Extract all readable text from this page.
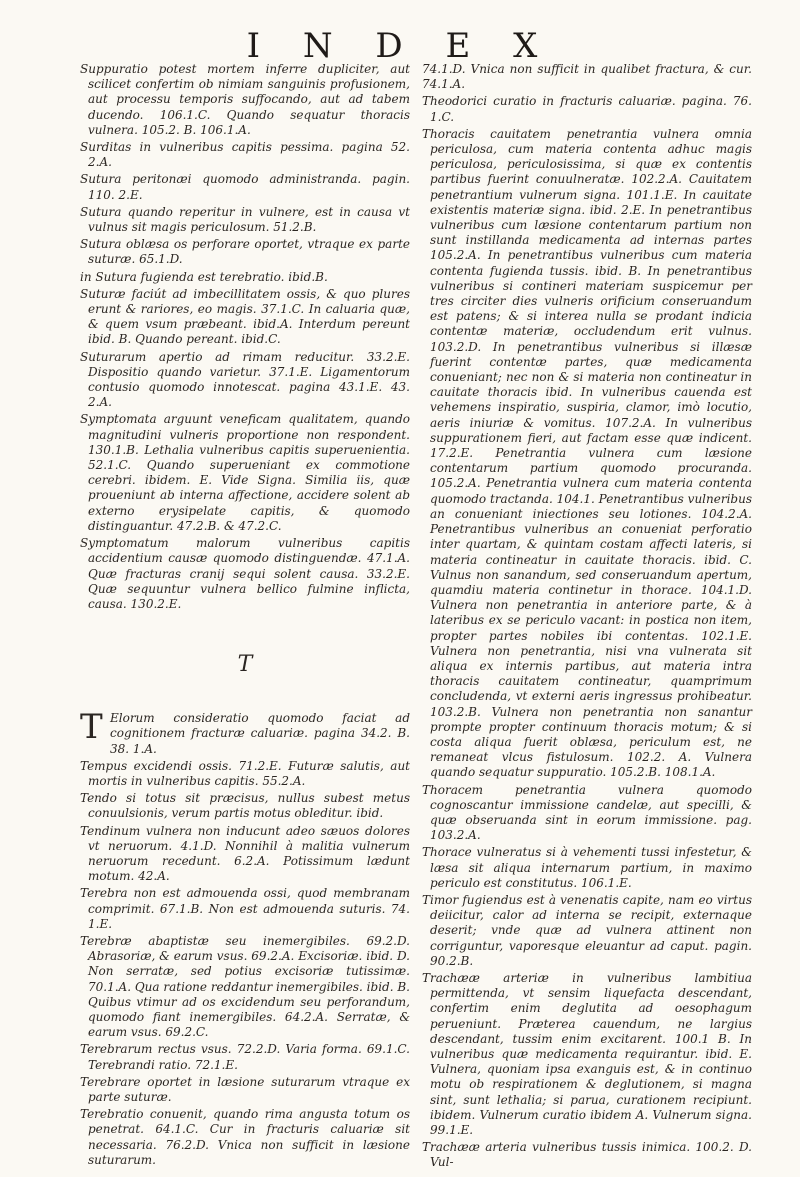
I N D E X

Suppuratio potest mortem inferre dupliciter, aut scilicet confertim ob nimiam sanguinis profusionem, aut processu temporis suffocando, aut ad tabem ducendo. 106.1.C. Quando sequatur thoracis vulnera. 105.2. B. 106.1.A.

Surditas in vulneribus capitis pessima. pagina 52. 2.A.

Sutura peritonæi quomodo administranda. pagin. 110. 2.E.

Sutura quando reperitur in vulnere, est in causa vt vulnus sit magis periculosum. 51.2.B.

Sutura oblæsa os perforare oportet, vtraque ex parte suturæ. 65.1.D.

in Sutura fugienda est terebratio. ibid.B.

Suturæ faciút ad imbecillitatem ossis, & quo plures erunt & rariores, eo magis. 37.1.C. In caluaria quæ, & quem vsum præbeant. ibid.A. Interdum pereunt ibid. B. Quando pereant. ibid.C.

Suturarum apertio ad rimam reducitur. 33.2.E. Dispositio quando varietur. 37.1.E. Ligamentorum contusio quomodo innotescat. pagina 43.1.E. 43. 2.A.

Symptomata arguunt veneficam qualitatem, quando magnitudini vulneris proportione non respondent. 130.1.B. Lethalia vulneribus capitis superuenientia. 52.1.C. Quando superueniant ex commotione cerebri. ibidem. E. Vide Signa. Similia iis, quæ proueniunt ab interna affectione, accidere solent ab externo erysipelate capitis, & quomodo distinguantur. 47.2.B. & 47.2.C.

Symptomatum malorum vulneribus capitis accidentium causæ quomodo distinguendæ. 47.1.A. Quæ fracturas cranij sequi solent causa. 33.2.E. Quæ sequuntur vulnera bellico fulmine inflicta, causa. 130.2.E.

T

T Elorum consideratio quomodo faciat ad cognitionem fracturæ caluariæ. pagina 34.2. B. 38. 1.A.

Tempus excidendi ossis. 71.2.E. Futuræ salutis, aut mortis in vulneribus capitis. 55.2.A.

Tendo si totus sit præcisus, nullus subest metus conuulsionis, verum partis motus obleditur. ibid.

Tendinum vulnera non inducunt adeo sæuos dolores vt neruorum. 4.1.D. Nonnihil à malitia vulnerum neruorum recedunt. 6.2.A. Potissimum lædunt motum. 42.A.

Terebra non est admouenda ossi, quod membranam comprimit. 67.1.B. Non est admouenda suturis. 74. 1.E.

Terebræ abaptistæ seu inemergibiles. 69.2.D. Abrasoriæ, & earum vsus. 69.2.A. Excisoriæ. ibid. D. Non serratæ, sed potius excisoriæ tutissimæ. 70.1.A. Qua ratione reddantur inemergibiles. ibid. B. Quibus vtimur ad os excidendum seu perforandum, quomodo fiant inemergibiles. 64.2.A. Serratæ, & earum vsus. 69.2.C.

Terebrarum rectus vsus. 72.2.D. Varia forma. 69.1.C. Terebrandi ratio. 72.1.E.

Terebrare oportet in læsione suturarum vtraque ex parte suturæ.

Terebratio conuenit, quando rima angusta totum os penetrat. 64.1.C. Cur in fracturis caluariæ sit necessaria. 76.2.D. Vnica non sufficit in læsione suturarum.

74.1.D. Vnica non sufficit in qualibet fractura, & cur. 74.1.A.

Theodorici curatio in fracturis caluariæ. pagina. 76. 1.C.

Thoracis cauitatem penetrantia vulnera omnia periculosa, cum materia contenta adhuc magis periculosa, periculosissima, si quæ ex contentis partibus fuerint conuulneratæ. 102.2.A. Cauitatem penetrantium vulnerum signa. 101.1.E. In cauitate existentis materiæ signa. ibid. 2.E. In penetrantibus vulneribus cum læsione contentarum partium non sunt instillanda medicamenta ad internas partes 105.2.A. In penetrantibus vulneribus cum materia contenta fugienda tussis. ibid. B. In penetrantibus vulneribus si contineri materiam suspicemur per tres circiter dies vulneris orificium conseruandum est patens; & si interea nulla se prodant indicia contentæ materiæ, occludendum erit vulnus. 103.2.D. In penetrantibus vulneribus si illæsæ fuerint contentæ partes, quæ medicamenta conueniant; nec non & si materia non contineatur in cauitate thoracis ibid. In vulneribus cauenda est vehemens inspiratio, suspiria, clamor, imò locutio, aeris iniuriæ & vomitus. 107.2.A. In vulneribus suppurationem fieri, aut factam esse quæ indicent. 17.2.E. Penetrantia vulnera cum læsione contentarum partium quomodo procuranda. 105.2.A. Penetrantia vulnera cum materia contenta quomodo tractanda. 104.1. Penetrantibus vulneribus an conueniant iniectiones seu lotiones. 104.2.A. Penetrantibus vulneribus an conueniat perforatio inter quartam, & quintam costam affecti lateris, si materia contineatur in cauitate thoracis. ibid. C. Vulnus non sanandum, sed conseruandum apertum, quamdiu materia continetur in thorace. 104.1.D. Vulnera non penetrantia in anteriore parte, & à lateribus ex se periculo vacant: in postica non item, propter partes nobiles ibi contentas. 102.1.E. Vulnera non penetrantia, nisi vna vulnerata sit aliqua ex internis partibus, aut materia intra thoracis cauitatem contineatur, quamprimum concludenda, vt externi aeris ingressus prohibeatur. 103.2.B. Vulnera non penetrantia non sanantur prompte propter continuum thoracis motum; & si costa aliqua fuerit oblæsa, periculum est, ne remaneat vlcus fistulosum. 102.2. A. Vulnera quando sequatur suppuratio. 105.2.B. 108.1.A.

Thoracem penetrantia vulnera quomodo cognoscantur immissione candelæ, aut specilli, & quæ obseruanda sint in eorum immissione. pag. 103.2.A.

Thorace vulneratus si à vehementi tussi infestetur, & læsa sit aliqua internarum partium, in maximo periculo est constitutus. 106.1.E.

Timor fugiendus est à venenatis capite, nam eo virtus deiicitur, calor ad interna se recipit, externaque deserit; vnde quæ ad vulnera attinent non corriguntur, vaporesque eleuantur ad caput. pagin. 90.2.B.

Trachææ arteriæ in vulneribus lambitiua permittenda, vt sensim liquefacta descendant, confertim enim deglutita ad oesophagum perueniunt. Præterea cauendum, ne largius descendant, tussim enim excitarent. 100.1 B. In vulneribus quæ medicamenta requirantur. ibid. E. Vulnera, quoniam ipsa exanguis est, & in continuo motu ob respirationem & deglutionem, si magna sint, sunt lethalia; si parua, curationem recipiunt. ibidem. Vulnerum curatio ibidem A. Vulnerum signa. 99.1.E.

Trachææ arteria vulneribus tussis inimica. 100.2. D. Vul-
